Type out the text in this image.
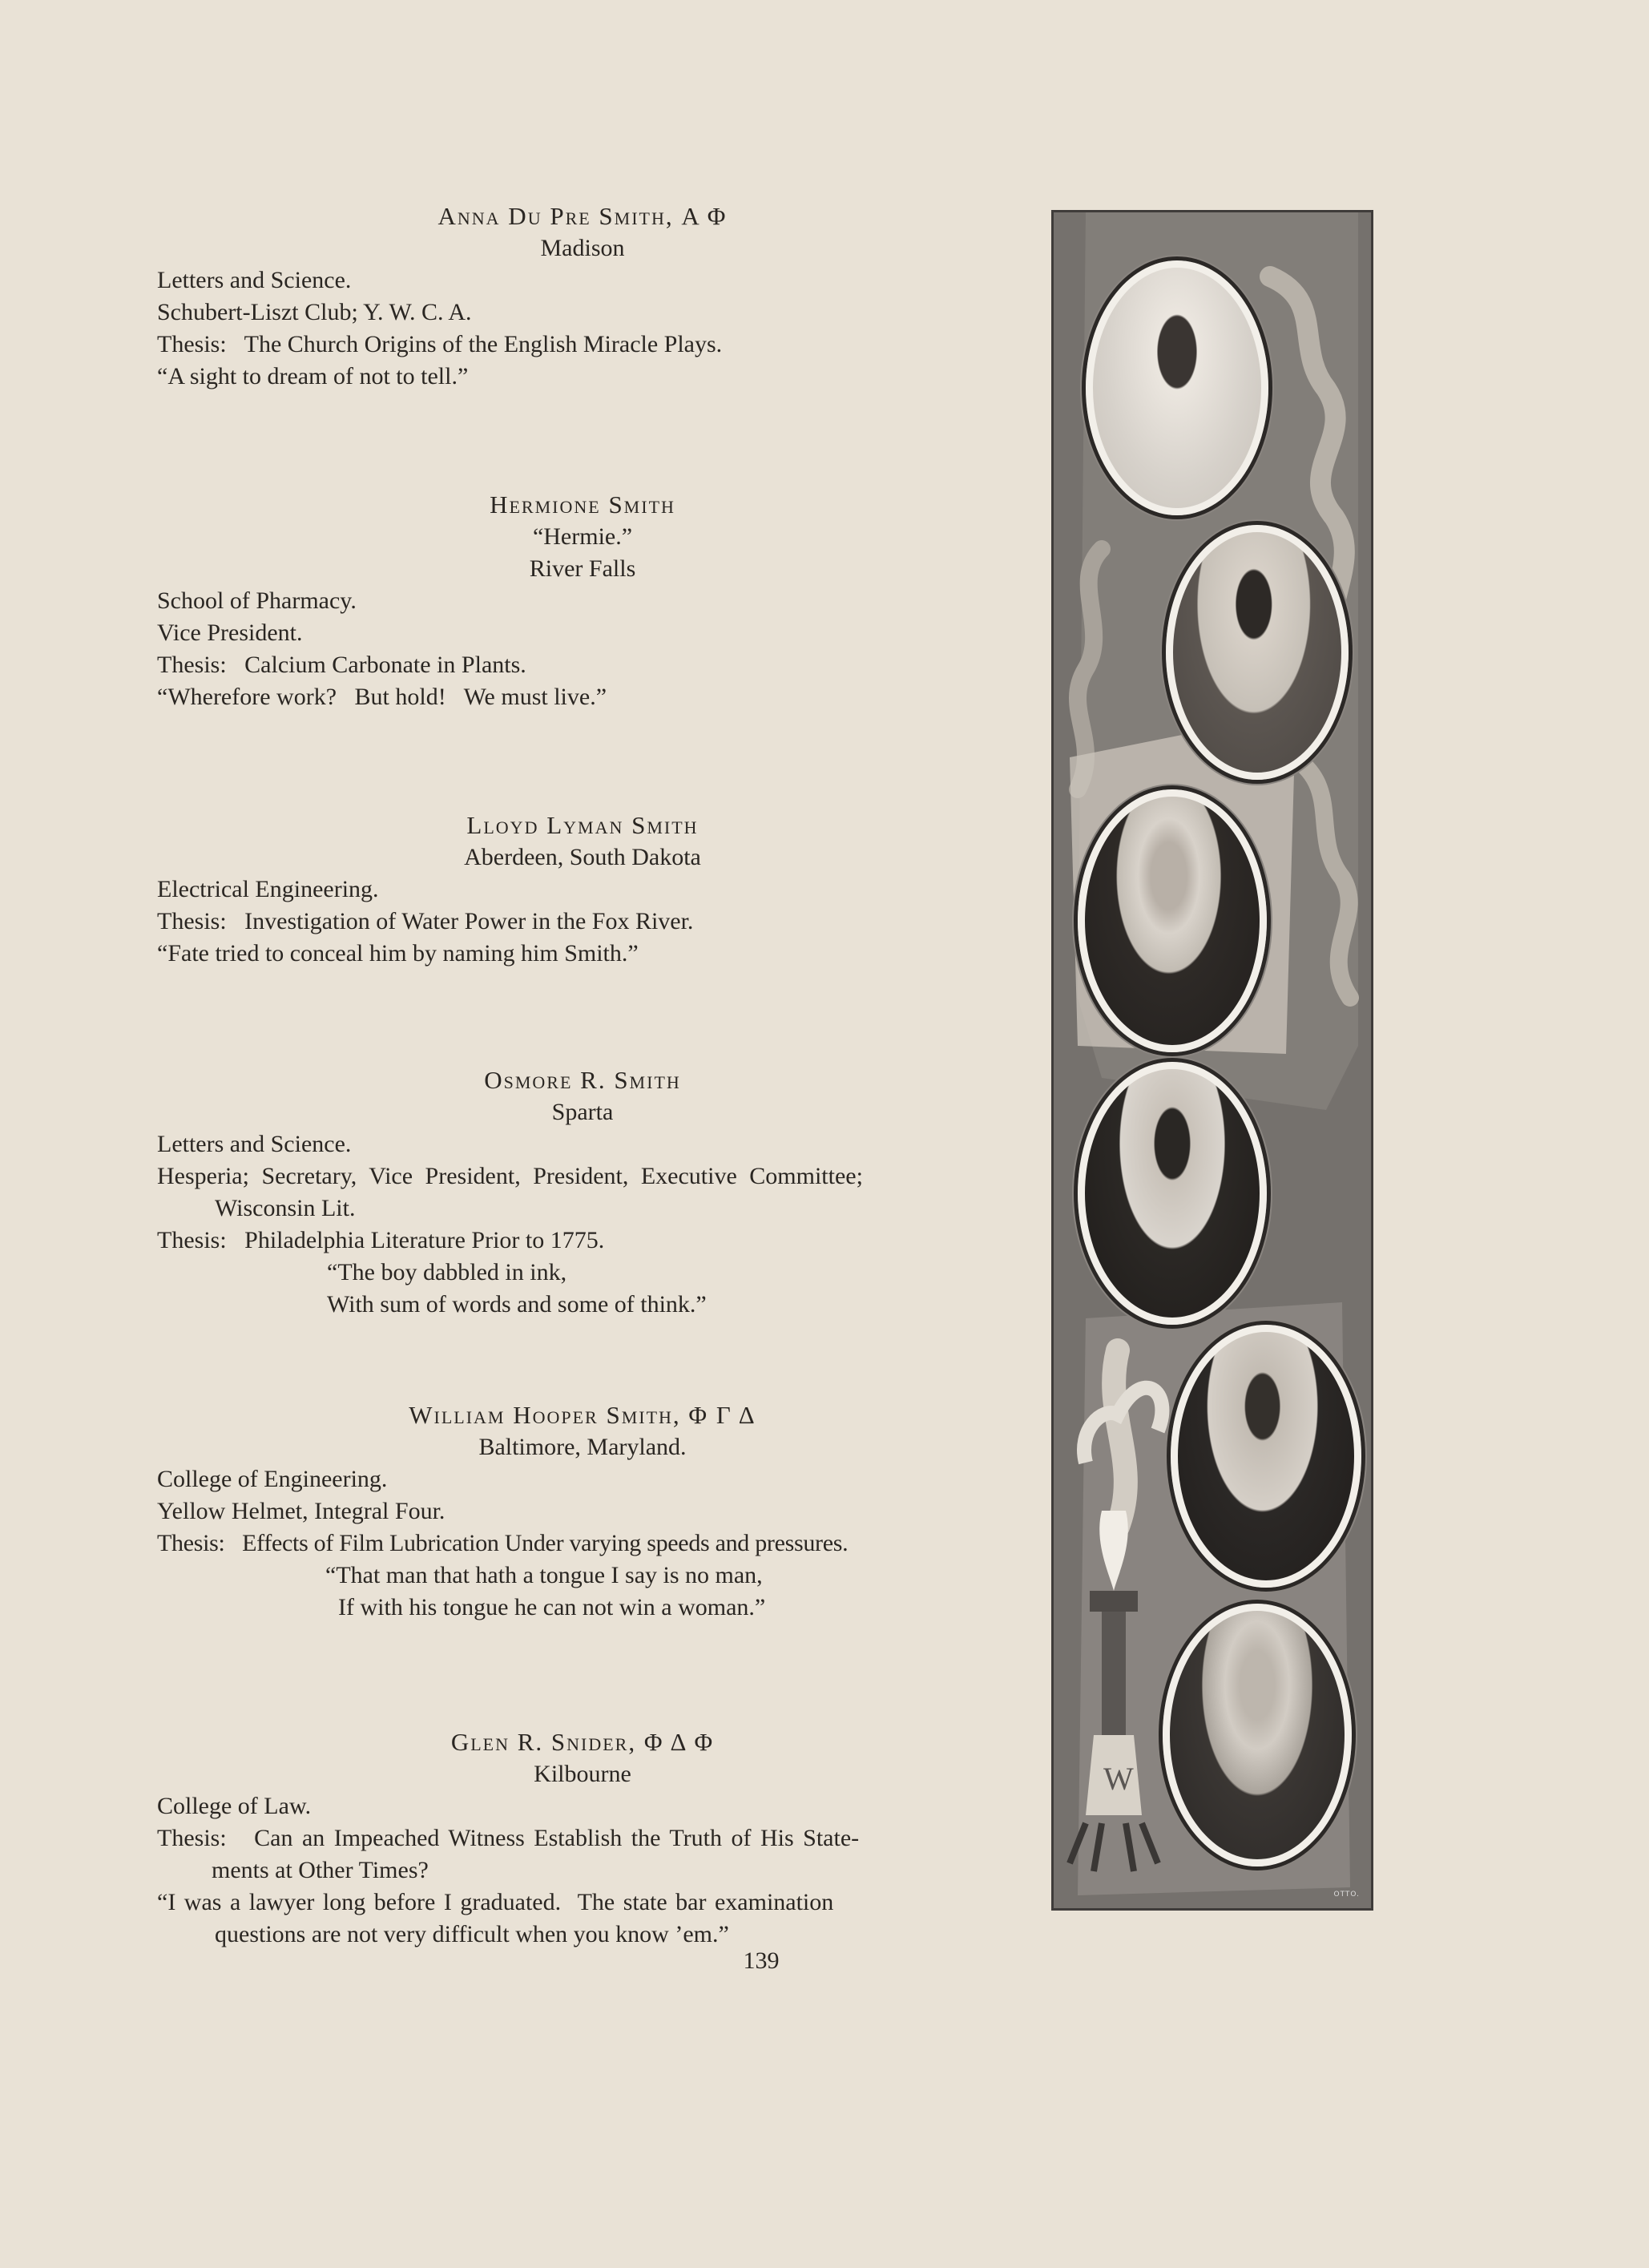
Anna Du Pre Smith, Α Φ
Madison
Letters and Science.
Schubert-Liszt Club; Y. W. C. A.
Thesis:   The Church Origins of the English Miracle Plays.
“A sight to dream of not to tell.”
Hermione Smith
“Hermie.”
River Falls
School of Pharmacy.
Vice President.
Thesis:   Calcium Carbonate in Plants.
“Wherefore work?   But hold!   We must live.”
Lloyd Lyman Smith
Aberdeen, South Dakota
Electrical Engineering.
Thesis:   Investigation of Water Power in the Fox River.
“Fate tried to conceal him by naming him Smith.”
Osmore R. Smith
Sparta
Letters and Science.
Hesperia; Secretary, Vice President, President, Executive Committee;
Wisconsin Lit.
Thesis:   Philadelphia Literature Prior to 1775.
“The boy dabbled in ink,
With sum of words and some of think.”
William Hooper Smith, Φ Γ Δ
Baltimore, Maryland.
College of Engineering.
Yellow Helmet, Integral Four.
Thesis:   Effects of Film Lubrication Under varying speeds and pressures.
“That man that hath a tongue I say is no man,
If with his tongue he can not win a woman.”
Glen R. Snider, Φ Δ Φ
Kilbourne
College of Law.
Thesis:   Can an Impeached Witness Establish the Truth of His State-
ments at Other Times?
“I was a lawyer long before I graduated.  The state bar examination
questions are not very difficult when you know ’em.”
139
W
OTTO.
